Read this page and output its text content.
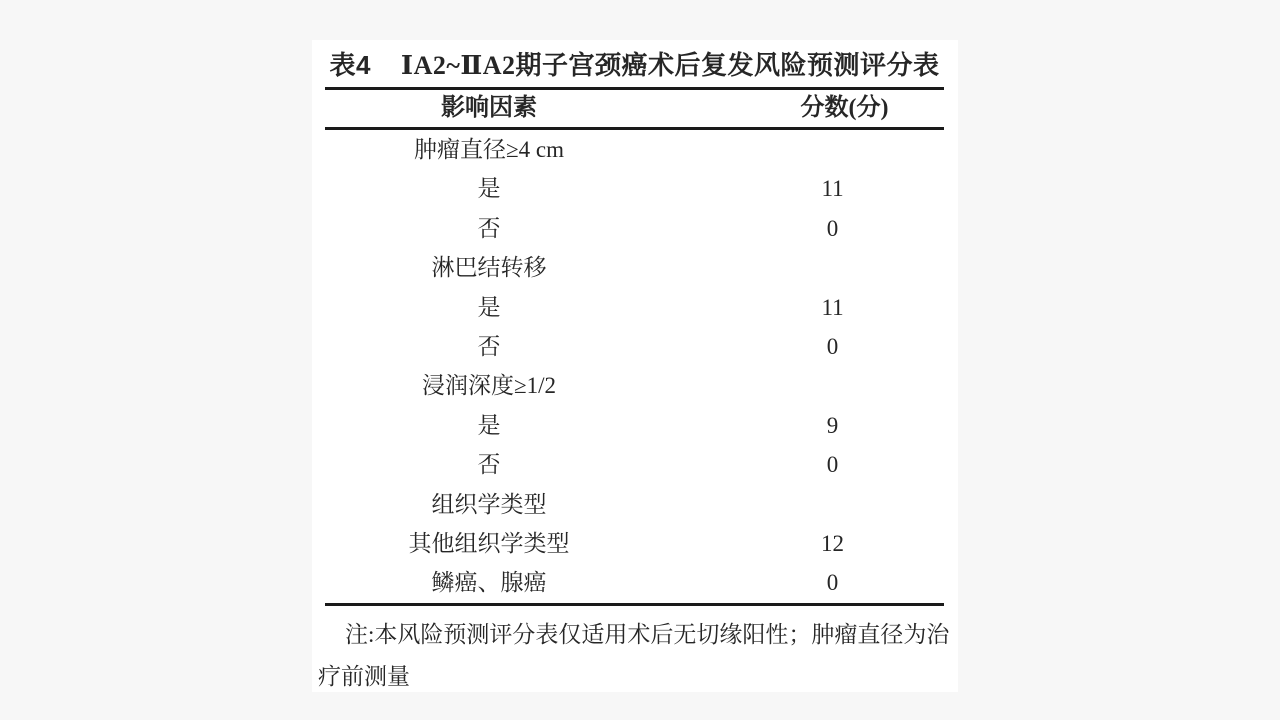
表4 ⅠA2~ⅡA2期子宫颈癌术后复发风险预测评分表
影响因素	分数(分)
肿瘤直径≥4 cm
是	11
否	0
淋巴结转移
是	11
否	0
浸润深度≥1/2
是	9
否	0
组织学类型
其他组织学类型	12
鳞癌、腺癌	0
注:本风险预测评分表仅适用术后无切缘阳性；肿瘤直径为治
疗前测量
